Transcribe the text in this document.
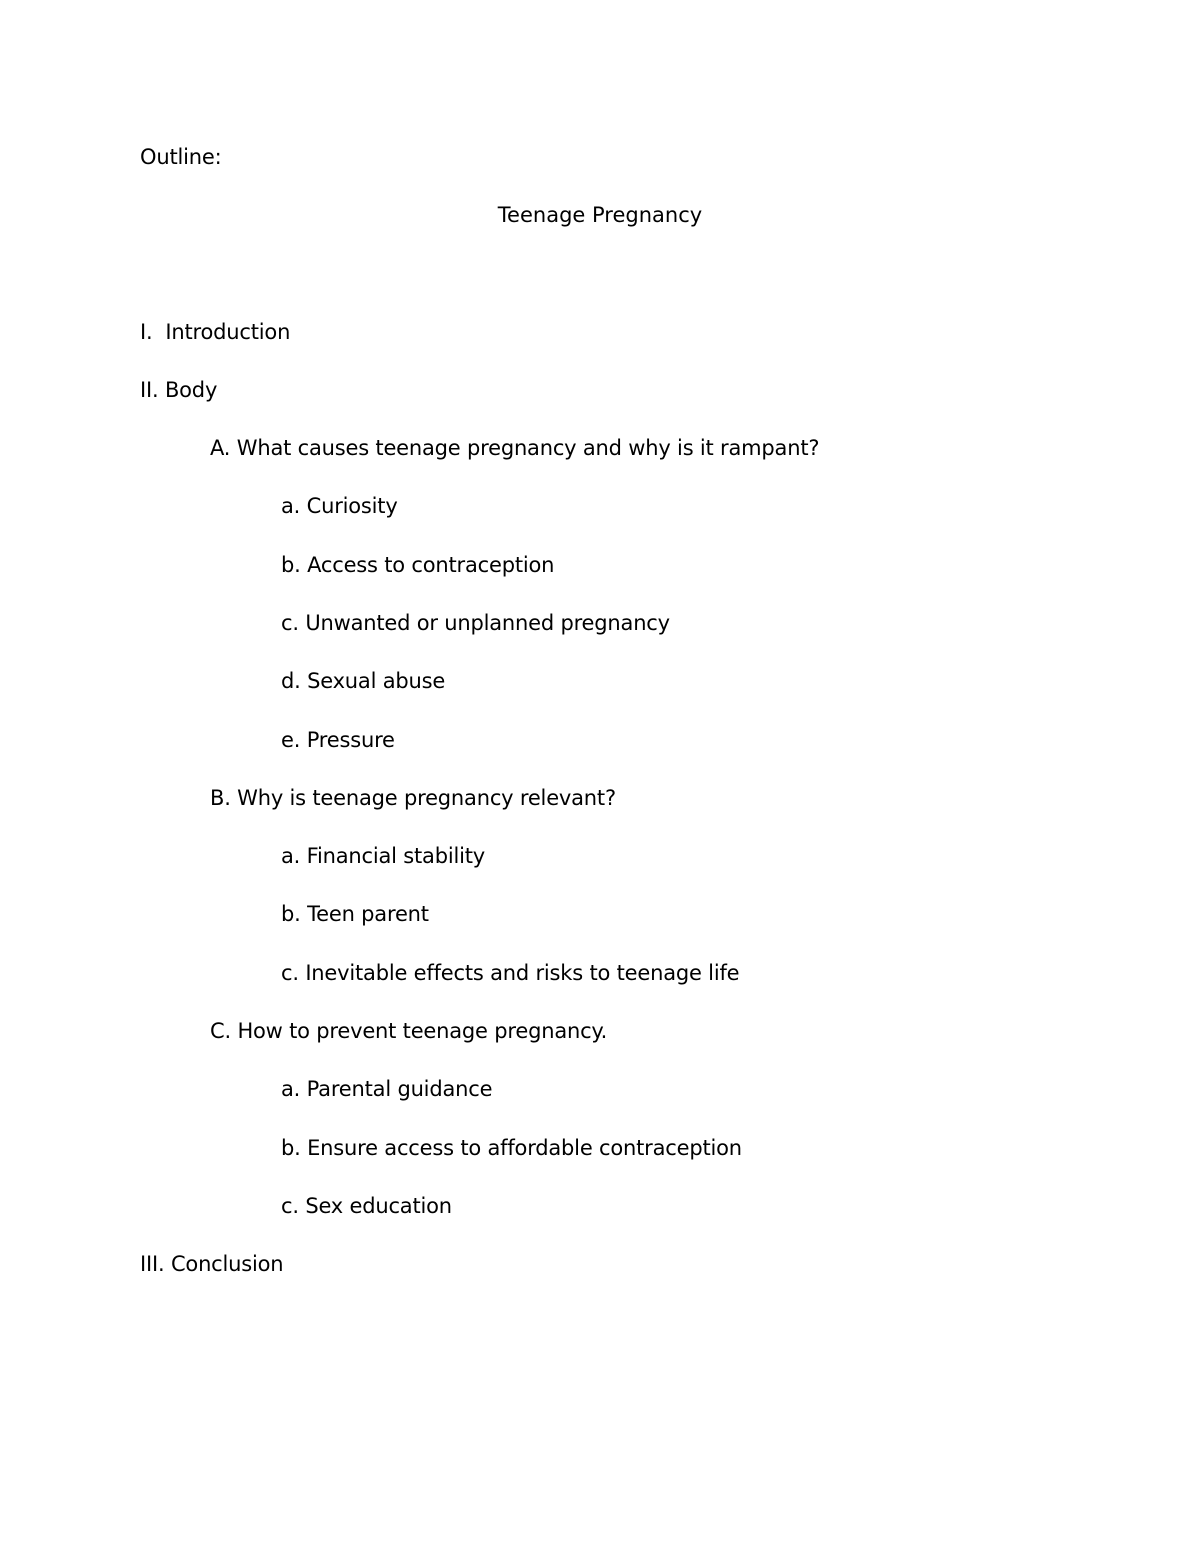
Outline:
Teenage Pregnancy
I. Introduction
II. Body
A. What causes teenage pregnancy and why is it rampant?
a. Curiosity
b. Access to contraception
c. Unwanted or unplanned pregnancy
d. Sexual abuse
e. Pressure
B. Why is teenage pregnancy relevant?
a. Financial stability
b. Teen parent
c. Inevitable effects and risks to teenage life
C. How to prevent teenage pregnancy.
a. Parental guidance
b. Ensure access to affordable contraception
c. Sex education
III. Conclusion
